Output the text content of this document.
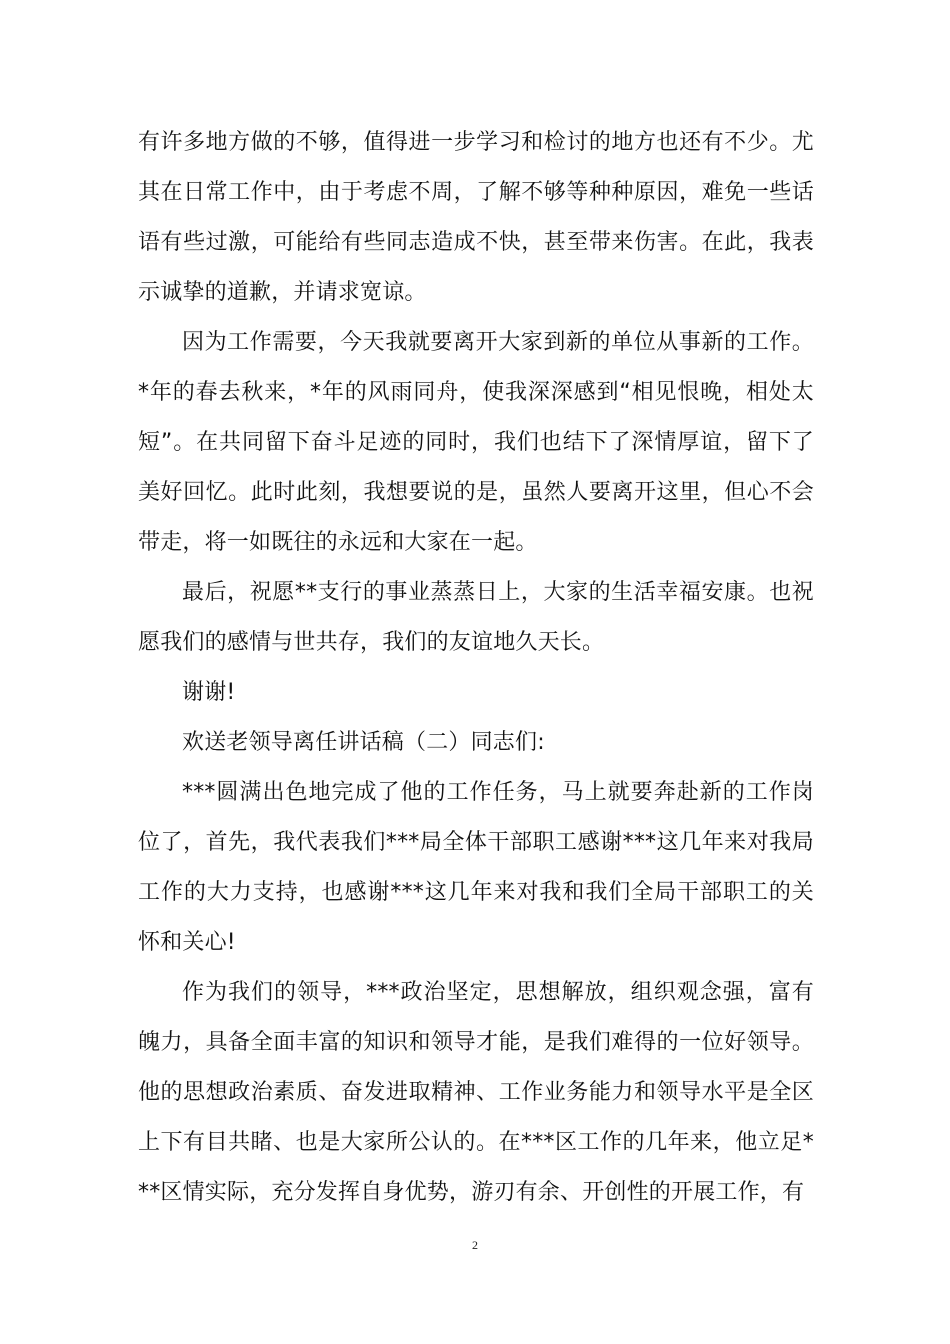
有许多地方做的不够，值得进一步学习和检讨的地方也还有不少。尤其在日常工作中，由于考虑不周，了解不够等种种原因，难免一些话语有些过激，可能给有些同志造成不快，甚至带来伤害。在此，我表示诚挚的道歉，并请求宽谅。

因为工作需要，今天我就要离开大家到新的单位从事新的工作。*年的春去秋来，*年的风雨同舟，使我深深感到“相见恨晚，相处太短”。在共同留下奋斗足迹的同时，我们也结下了深情厚谊，留下了美好回忆。此时此刻，我想要说的是，虽然人要离开这里，但心不会带走，将一如既往的永远和大家在一起。

最后，祝愿**支行的事业蒸蒸日上，大家的生活幸福安康。也祝愿我们的感情与世共存，我们的友谊地久天长。

谢谢!

欢送老领导离任讲话稿（二）同志们:

***圆满出色地完成了他的工作任务，马上就要奔赴新的工作岗位了，首先，我代表我们***局全体干部职工感谢***这几年来对我局工作的大力支持，也感谢***这几年来对我和我们全局干部职工的关怀和关心!

作为我们的领导，***政治坚定，思想解放，组织观念强，富有魄力，具备全面丰富的知识和领导才能，是我们难得的一位好领导。他的思想政治素质、奋发进取精神、工作业务能力和领导水平是全区上下有目共睹、也是大家所公认的。在***区工作的几年来，他立足***区情实际，充分发挥自身优势，游刃有余、开创性的开展工作，有

2
